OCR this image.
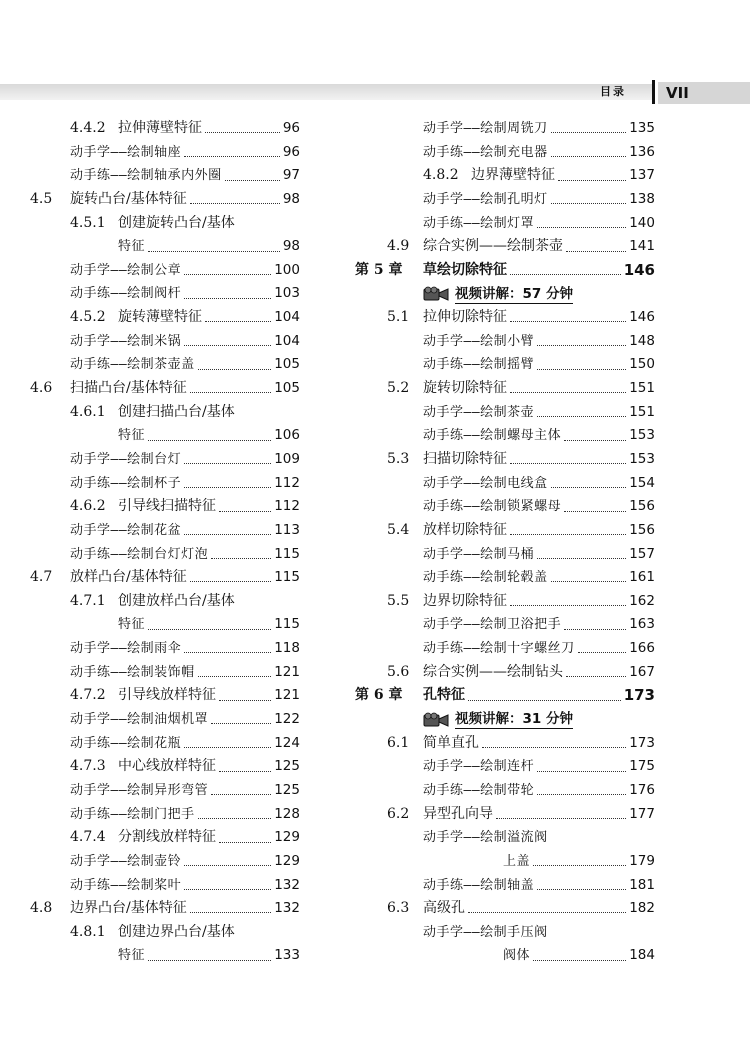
目录	VII
4.4.2 拉伸薄壁特征	96
动手学——绘制轴座	96
动手练——绘制轴承内外圈	97
4.5	旋转凸台/基体特征	98
4.5.1 创建旋转凸台/基体
特征	98
动手学——绘制公章	100
动手练——绘制阀杆	103
4.5.2 旋转薄壁特征	104
动手学——绘制米锅	104
动手练——绘制茶壶盖	105
4.6	扫描凸台/基体特征	105
4.6.1 创建扫描凸台/基体
特征	106
动手学——绘制台灯	109
动手练——绘制杯子	112
4.6.2 引导线扫描特征	112
动手学——绘制花盆	113
动手练——绘制台灯灯泡	115
4.7	放样凸台/基体特征	115
4.7.1 创建放样凸台/基体
特征	115
动手学——绘制雨伞	118
动手练——绘制装饰帽	121
4.7.2 引导线放样特征	121
动手学——绘制油烟机罩	122
动手练——绘制花瓶	124
4.7.3 中心线放样特征	125
动手学——绘制异形弯管	125
动手练——绘制门把手	128
4.7.4 分割线放样特征	129
动手学——绘制壶铃	129
动手练——绘制桨叶	132
4.8	边界凸台/基体特征	132
4.8.1 创建边界凸台/基体
特征	133
动手学——绘制周铣刀	135
动手练——绘制充电器	136
4.8.2 边界薄壁特征	137
动手学——绘制孔明灯	138
动手练——绘制灯罩	140
4.9 综合实例——绘制茶壶	141
第 5 章	草绘切除特征	146
视频讲解：57 分钟
5.1 拉伸切除特征	146
动手学——绘制小臂	148
动手练——绘制摇臂	150
5.2 旋转切除特征	151
动手学——绘制茶壶	151
动手练——绘制螺母主体	153
5.3 扫描切除特征	153
动手学——绘制电线盒	154
动手练——绘制锁紧螺母	156
5.4 放样切除特征	156
动手学——绘制马桶	157
动手练——绘制轮毂盖	161
5.5 边界切除特征	162
动手学——绘制卫浴把手	163
动手练——绘制十字螺丝刀	166
5.6 综合实例——绘制钻头	167
第 6 章	孔特征	173
视频讲解：31 分钟
6.1 简单直孔	173
动手学——绘制连杆	175
动手练——绘制带轮	176
6.2 异型孔向导	177
动手学——绘制溢流阀
上盖	179
动手练——绘制轴盖	181
6.3 高级孔	182
动手学——绘制手压阀
阀体	184
